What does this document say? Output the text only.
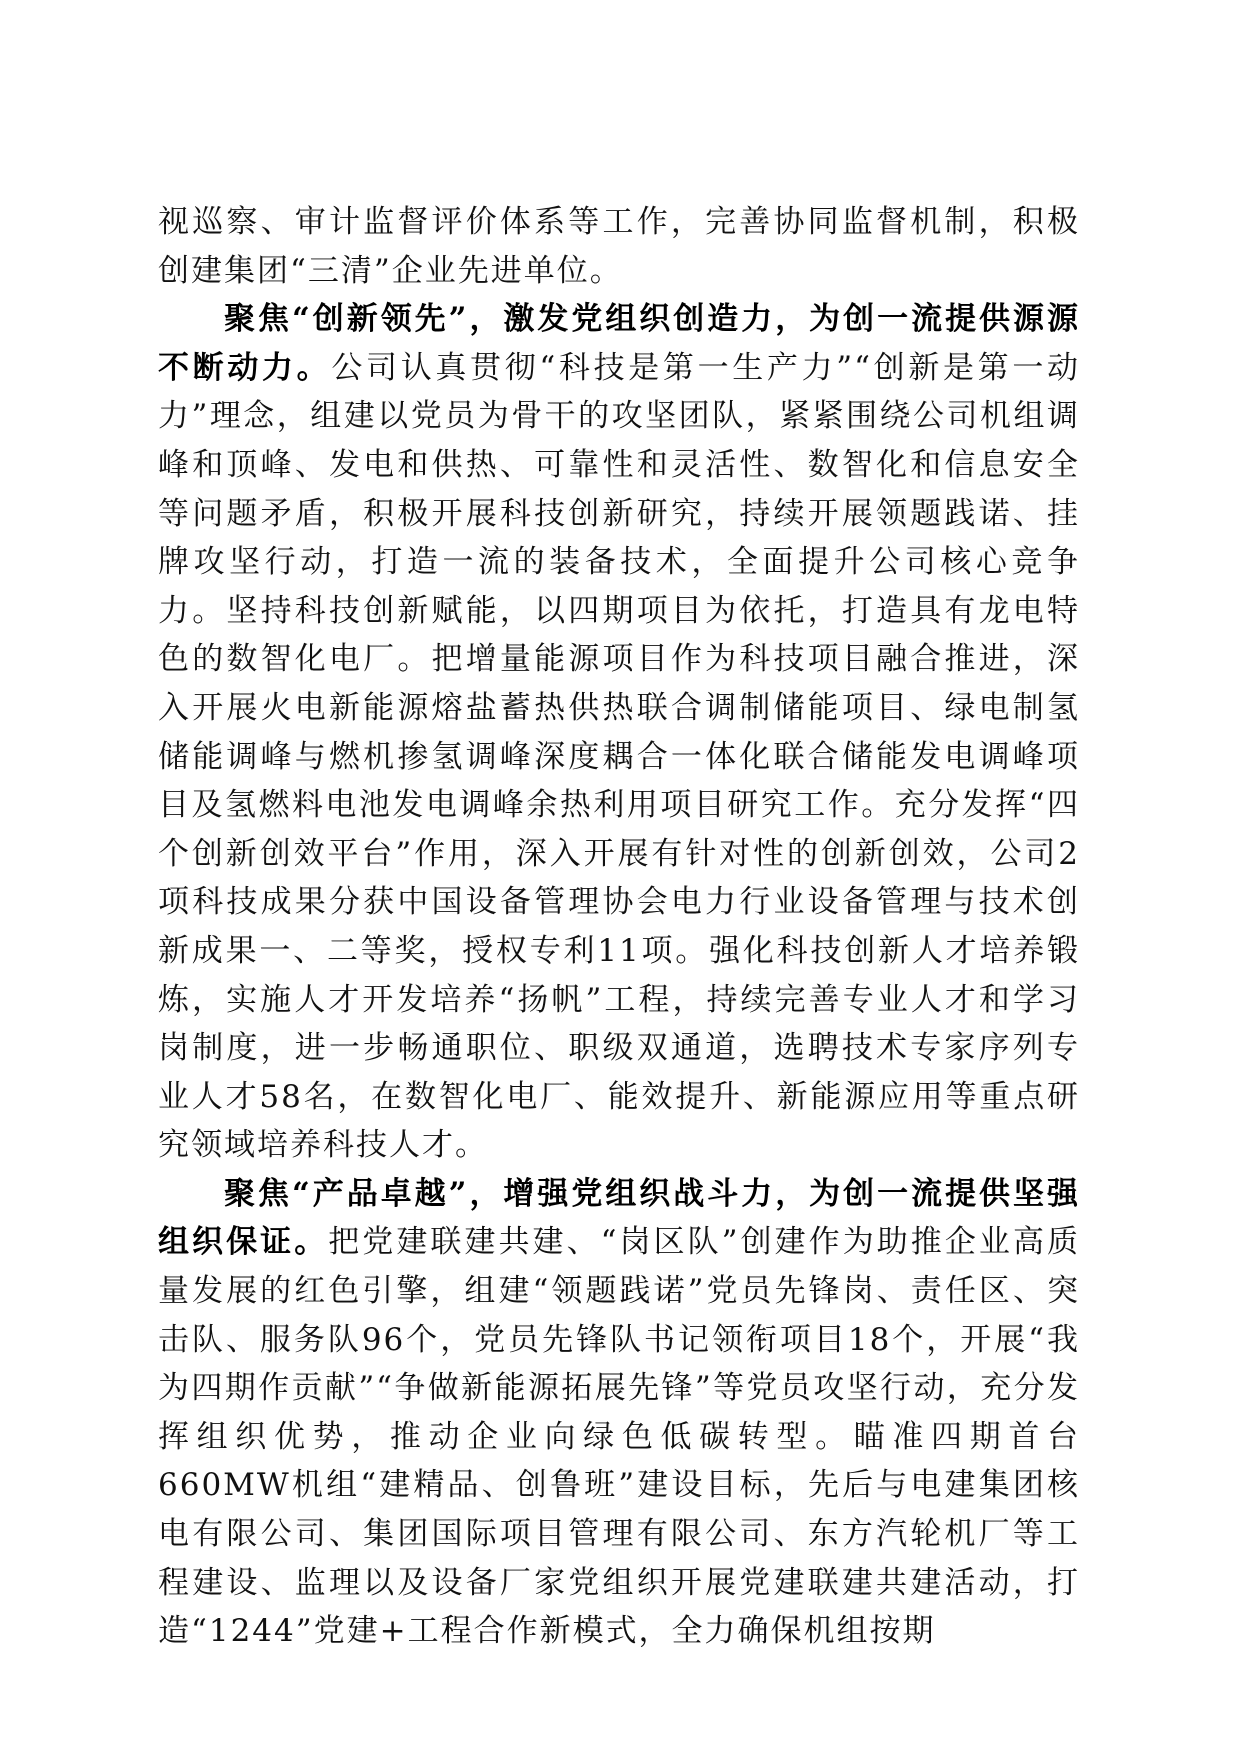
视巡察、审计监督评价体系等工作，完善协同监督机制，积极创建集团“三清”企业先进单位。

聚焦“创新领先”，激发党组织创造力，为创一流提供源源不断动力。公司认真贯彻“科技是第一生产力”“创新是第一动力”理念，组建以党员为骨干的攻坚团队，紧紧围绕公司机组调峰和顶峰、发电和供热、可靠性和灵活性、数智化和信息安全等问题矛盾，积极开展科技创新研究，持续开展领题践诺、挂牌攻坚行动，打造一流的装备技术，全面提升公司核心竞争力。坚持科技创新赋能，以四期项目为依托，打造具有龙电特色的数智化电厂。把增量能源项目作为科技项目融合推进，深入开展火电新能源熔盐蓄热供热联合调制储能项目、绿电制氢储能调峰与燃机掺氢调峰深度耦合一体化联合储能发电调峰项目及氢燃料电池发电调峰余热利用项目研究工作。充分发挥“四个创新创效平台”作用，深入开展有针对性的创新创效，公司2项科技成果分获中国设备管理协会电力行业设备管理与技术创新成果一、二等奖，授权专利11项。强化科技创新人才培养锻炼，实施人才开发培养“扬帆”工程，持续完善专业人才和学习岗制度，进一步畅通职位、职级双通道，选聘技术专家序列专业人才58名，在数智化电厂、能效提升、新能源应用等重点研究领域培养科技人才。

聚焦“产品卓越”，增强党组织战斗力，为创一流提供坚强组织保证。把党建联建共建、“岗区队”创建作为助推企业高质量发展的红色引擎，组建“领题践诺”党员先锋岗、责任区、突击队、服务队96个，党员先锋队书记领衔项目18个，开展“我为四期作贡献”“争做新能源拓展先锋”等党员攻坚行动，充分发挥组织优势，推动企业向绿色低碳转型。瞄准四期首台660MW机组“建精品、创鲁班”建设目标，先后与电建集团核电有限公司、集团国际项目管理有限公司、东方汽轮机厂等工程建设、监理以及设备厂家党组织开展党建联建共建活动，打造“1244”党建+工程合作新模式，全力确保机组按期
